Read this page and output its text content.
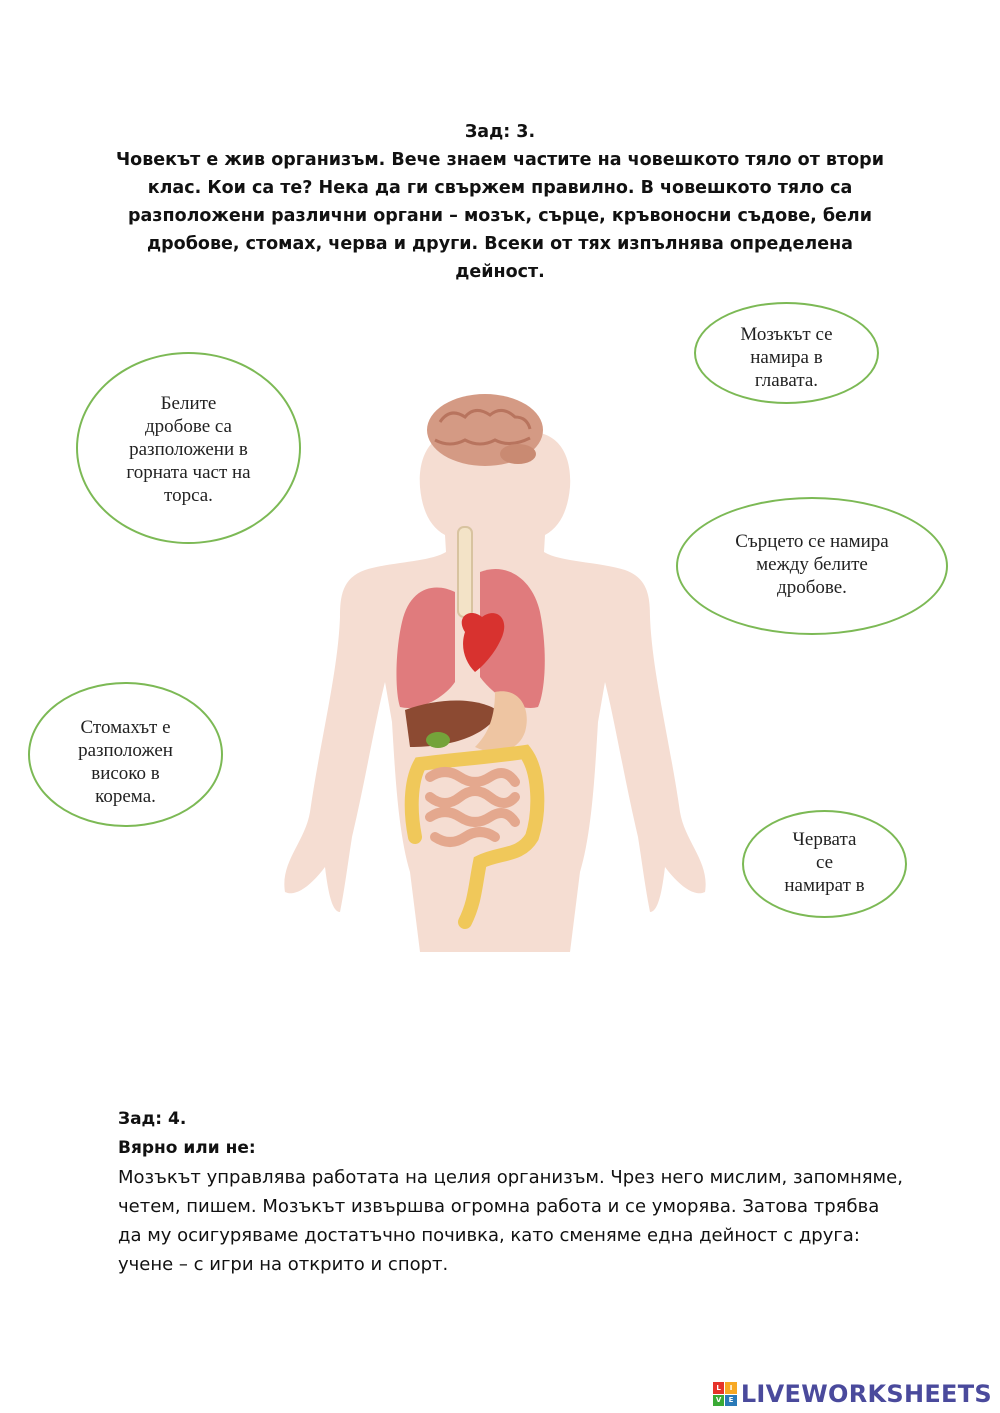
Зад: 3.

Човекът е жив организъм. Вече знаем частите на човешкото тяло от втори клас. Кои са те? Нека да ги свържем правилно. В човешкото тяло са разположени различни органи – мозък, сърце, кръвоносни съдове, бели дробове, стомах, черва и други. Всеки от тях изпълнява определена дейност.

Мозъкът се
намира в
главата.
Белите
дробове са
разположени в
горната част на
торса.
Сърцето се намира
между белите
дробове.
Стомахът е
разположен
високо в
корема.
Червата
се
намират в
Зад: 4.
Вярно или не:
Мозъкът управлява работата на целия организъм. Чрез него мислим, запомняме, четем, пишем. Мозъкът извършва огромна работа и се уморява. Затова трябва да му осигуряваме достатъчно почивка, като сменяме една дейност с друга: учене – с игри на открито и спорт.
L	I
V	E LIVEWORKSHEETS
